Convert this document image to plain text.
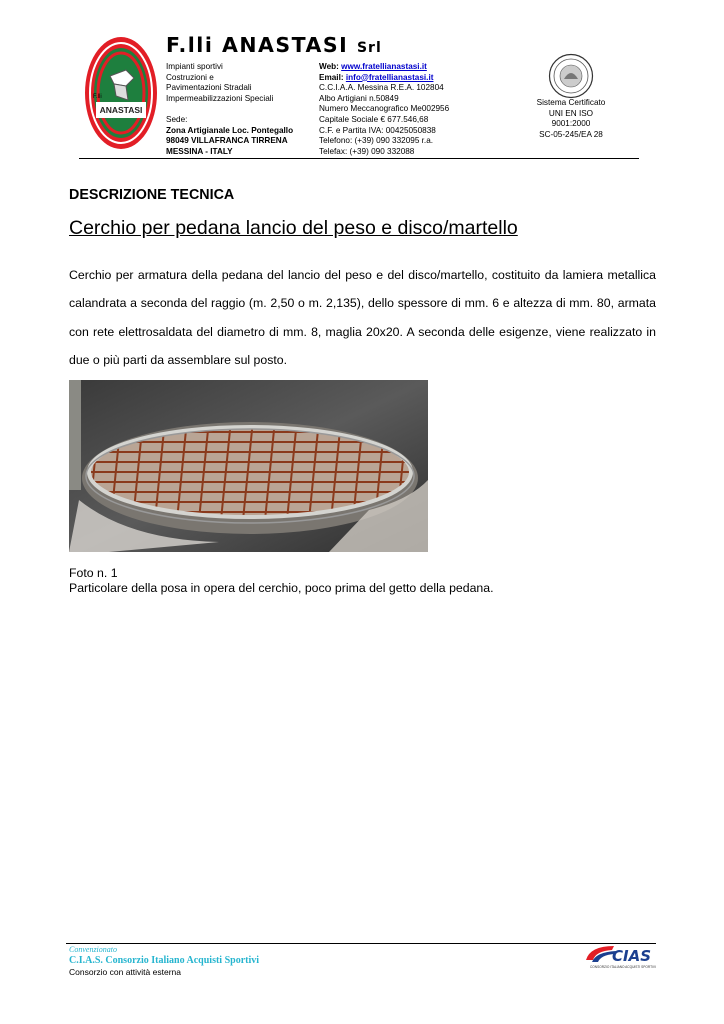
F.lli
ANASTASI
F.lli ANASTASI Srl
Impianti sportivi
Costruzioni e
Pavimentazioni Stradali
Impermeabilizzazioni Speciali
Sede:
Zona Artigianale Loc. Pontegallo
98049 VILLAFRANCA TIRRENA
MESSINA - ITALY
Web: www.fratellianastasi.it
Email: info@fratellianastasi.it
C.C.I.A.A. Messina R.E.A. 102804
Albo Artigiani n.50849
Numero Meccanografico Me002956
Capitale Sociale € 677.546,68
C.F. e Partita IVA: 00425050838
Telefono: (+39) 090 332095 r.a.
Telefax: (+39) 090 332088
Sistema Certificato
UNI EN ISO
9001:2000
SC-05-245/EA 28
DESCRIZIONE TECNICA
Cerchio per pedana lancio del peso e disco/martello
Cerchio per armatura della pedana del lancio del peso e del disco/martello, costituito da lamiera metallica calandrata a seconda del raggio (m. 2,50 o m. 2,135), dello spessore di mm. 6 e altezza di mm. 80, armata con rete elettrosaldata del diametro di mm. 8, maglia 20x20. A seconda delle esigenze, viene realizzato in due o più parti da assemblare sul posto.
Foto n. 1
Particolare della posa in opera del cerchio, poco prima del getto della pedana.
Convenzionato
C.I.A.S. Consorzio Italiano Acquisti Sportivi
Consorzio con attività esterna
CIAS
CONSORZIO ITALIANO ACQUISTI SPORTIVI
